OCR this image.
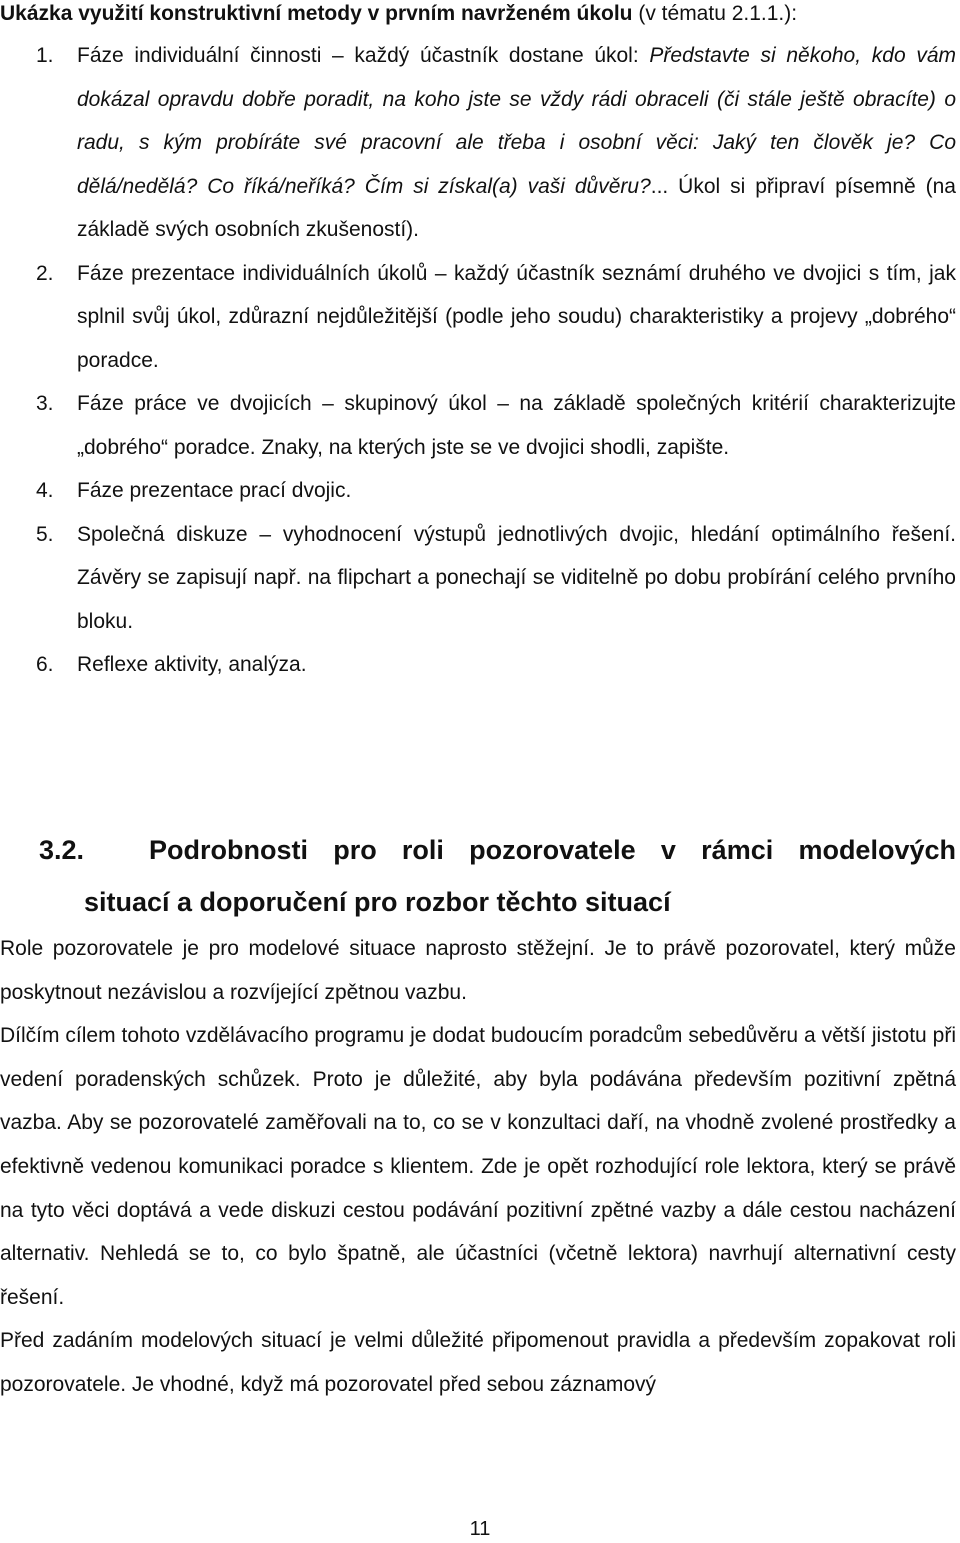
Ukázka využití konstruktivní metody v prvním navrženém úkolu (v tématu 2.1.1.):
1. Fáze individuální činnosti – každý účastník dostane úkol: Představte si někoho, kdo vám dokázal opravdu dobře poradit, na koho jste se vždy rádi obraceli (či stále ještě obracíte) o radu, s kým probíráte své pracovní ale třeba i osobní věci: Jaký ten člověk je? Co dělá/nedělá? Co říká/neříká? Čím si získal(a) vaši důvěru?... Úkol si připraví písemně (na základě svých osobních zkušeností).
2. Fáze prezentace individuálních úkolů – každý účastník seznámí druhého ve dvojici s tím, jak splnil svůj úkol, zdůrazní nejdůležitější (podle jeho soudu) charakteristiky a projevy „dobrého“ poradce.
3. Fáze práce ve dvojicích – skupinový úkol – na základě společných kritérií charakterizujte „dobrého“ poradce. Znaky, na kterých jste se ve dvojici shodli, zapište.
4. Fáze prezentace prací dvojic.
5. Společná diskuze – vyhodnocení výstupů jednotlivých dvojic, hledání optimálního řešení. Závěry se zapisují např. na flipchart a ponechají se viditelně po dobu probírání celého prvního bloku.
6. Reflexe aktivity, analýza.
3.2. Podrobnosti pro roli pozorovatele v rámci modelových
situací a doporučení pro rozbor těchto situací

Role pozorovatele je pro modelové situace naprosto stěžejní. Je to právě pozorovatel, který může poskytnout nezávislou a rozvíjející zpětnou vazbu.

Dílčím cílem tohoto vzdělávacího programu je dodat budoucím poradcům sebedůvěru a větší jistotu při vedení poradenských schůzek. Proto je důležité, aby byla podávána především pozitivní zpětná vazba. Aby se pozorovatelé zaměřovali na to, co se v konzultaci daří, na vhodně zvolené prostředky a efektivně vedenou komunikaci poradce s klientem. Zde je opět rozhodující role lektora, který se právě na tyto věci doptává a vede diskuzi cestou podávání pozitivní zpětné vazby a dále cestou nacházení alternativ. Nehledá se to, co bylo špatně, ale účastníci (včetně lektora) navrhují alternativní cesty řešení.

Před zadáním modelových situací je velmi důležité připomenout pravidla a především zopakovat roli pozorovatele. Je vhodné, když má pozorovatel před sebou záznamový

11
